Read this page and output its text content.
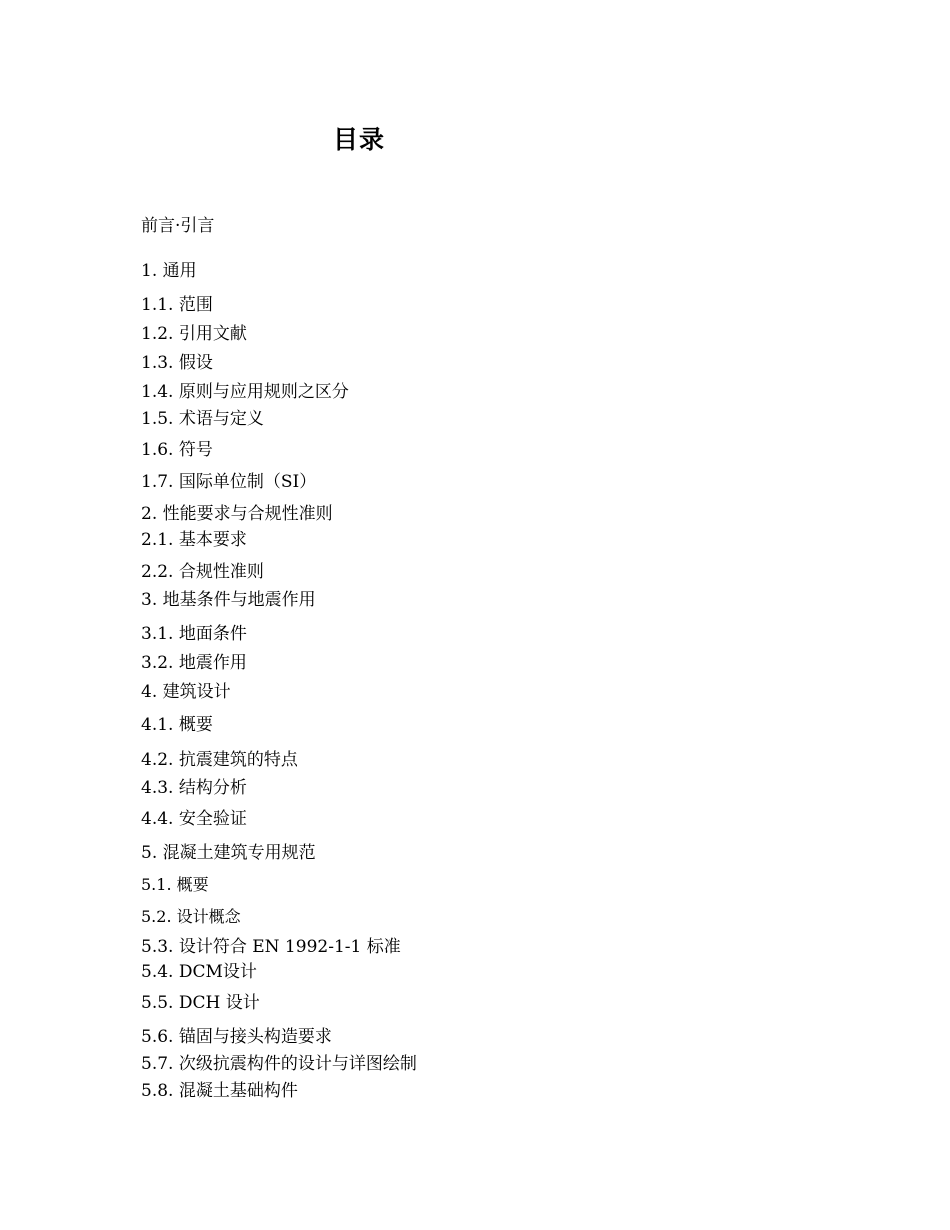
目录
前言·引言
1. 通用
1.1. 范围
1.2. 引用文献
1.3. 假设
1.4. 原则与应用规则之区分
1.5. 术语与定义
1.6. 符号
1.7. 国际单位制（SI）
2. 性能要求与合规性准则
2.1. 基本要求
2.2. 合规性准则
3. 地基条件与地震作用
3.1. 地面条件
3.2. 地震作用
4. 建筑设计
4.1. 概要
4.2. 抗震建筑的特点
4.3. 结构分析
4.4. 安全验证
5. 混凝土建筑专用规范
5.1. 概要
5.2. 设计概念
5.3. 设计符合 EN 1992-1-1 标准
5.4. DCM设计
5.5. DCH 设计
5.6. 锚固与接头构造要求
5.7. 次级抗震构件的设计与详图绘制
5.8. 混凝土基础构件
